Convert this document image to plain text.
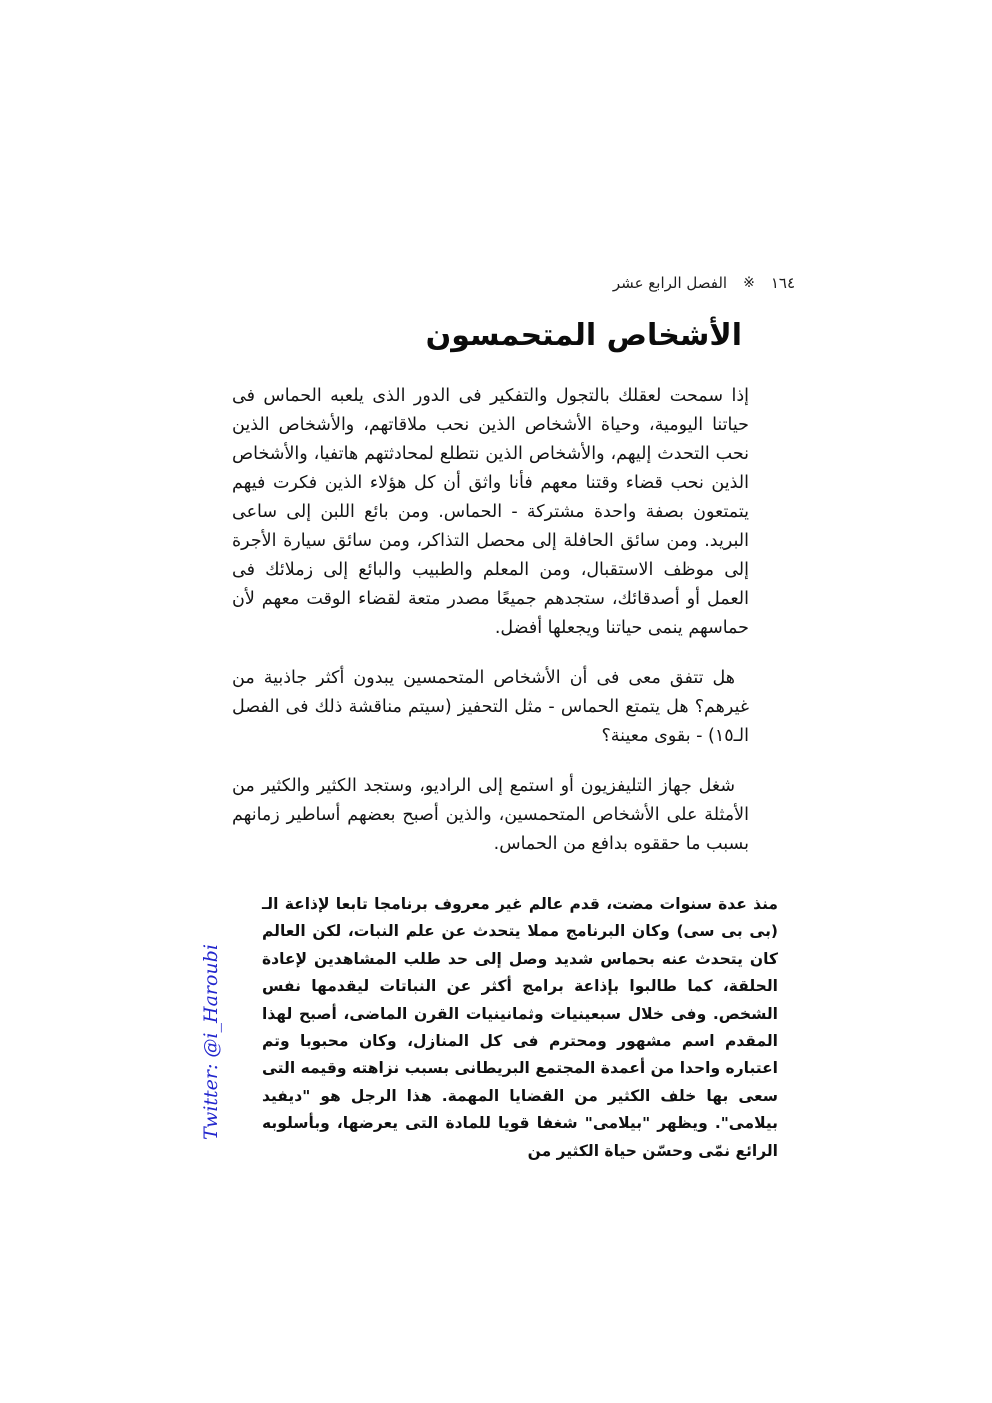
١٦٤※الفصل الرابع عشر
الأشخاص المتحمسون

إذا سمحت لعقلك بالتجول والتفكير فى الدور الذى يلعبه الحماس فى حياتنا اليومية، وحياة الأشخاص الذين نحب ملاقاتهم، والأشخاص الذين نحب التحدث إليهم، والأشخاص الذين نتطلع لمحادثتهم هاتفيا، والأشخاص الذين نحب قضاء وقتنا معهم فأنا واثق أن كل هؤلاء الذين فكرت فيهم يتمتعون بصفة واحدة مشتركة - الحماس. ومن بائع اللبن إلى ساعى البريد. ومن سائق الحافلة إلى محصل التذاكر، ومن سائق سيارة الأجرة إلى موظف الاستقبال، ومن المعلم والطبيب والبائع إلى زملائك فى العمل أو أصدقائك، ستجدهم جميعًا مصدر متعة لقضاء الوقت معهم لأن حماسهم ينمى حياتنا ويجعلها أفضل.

هل تتفق معى فى أن الأشخاص المتحمسين يبدون أكثر جاذبية من غيرهم؟ هل يتمتع الحماس - مثل التحفيز (سيتم مناقشة ذلك فى الفصل الـ١٥) - بقوى معينة؟

شغل جهاز التليفزيون أو استمع إلى الراديو، وستجد الكثير والكثير من الأمثلة على الأشخاص المتحمسين، والذين أصبح بعضهم أساطير زمانهم بسبب ما حققوه بدافع من الحماس.

منذ عدة سنوات مضت، قدم عالم غير معروف برنامجا تابعا لإذاعة الـ (بى بى سى) وكان البرنامج مملا يتحدث عن علم النبات، لكن العالم كان يتحدث عنه بحماس شديد وصل إلى حد طلب المشاهدين لإعادة الحلقة، كما طالبوا بإذاعة برامج أكثر عن النباتات ليقدمها نفس الشخص. وفى خلال سبعينيات وثمانينيات القرن الماضى، أصبح لهذا المقدم اسم مشهور ومحترم فى كل المنازل، وكان محبوبا وتم اعتباره واحدا من أعمدة المجتمع البريطانى بسبب نزاهته وقيمه التى سعى بها خلف الكثير من القضايا المهمة. هذا الرجل هو "ديفيد بيلامى". ويظهر "بيلامى" شغفا قويا للمادة التى يعرضها، وبأسلوبه الرائع نمّى وحسّن حياة الكثير من

Twitter: @i_Haroubi
